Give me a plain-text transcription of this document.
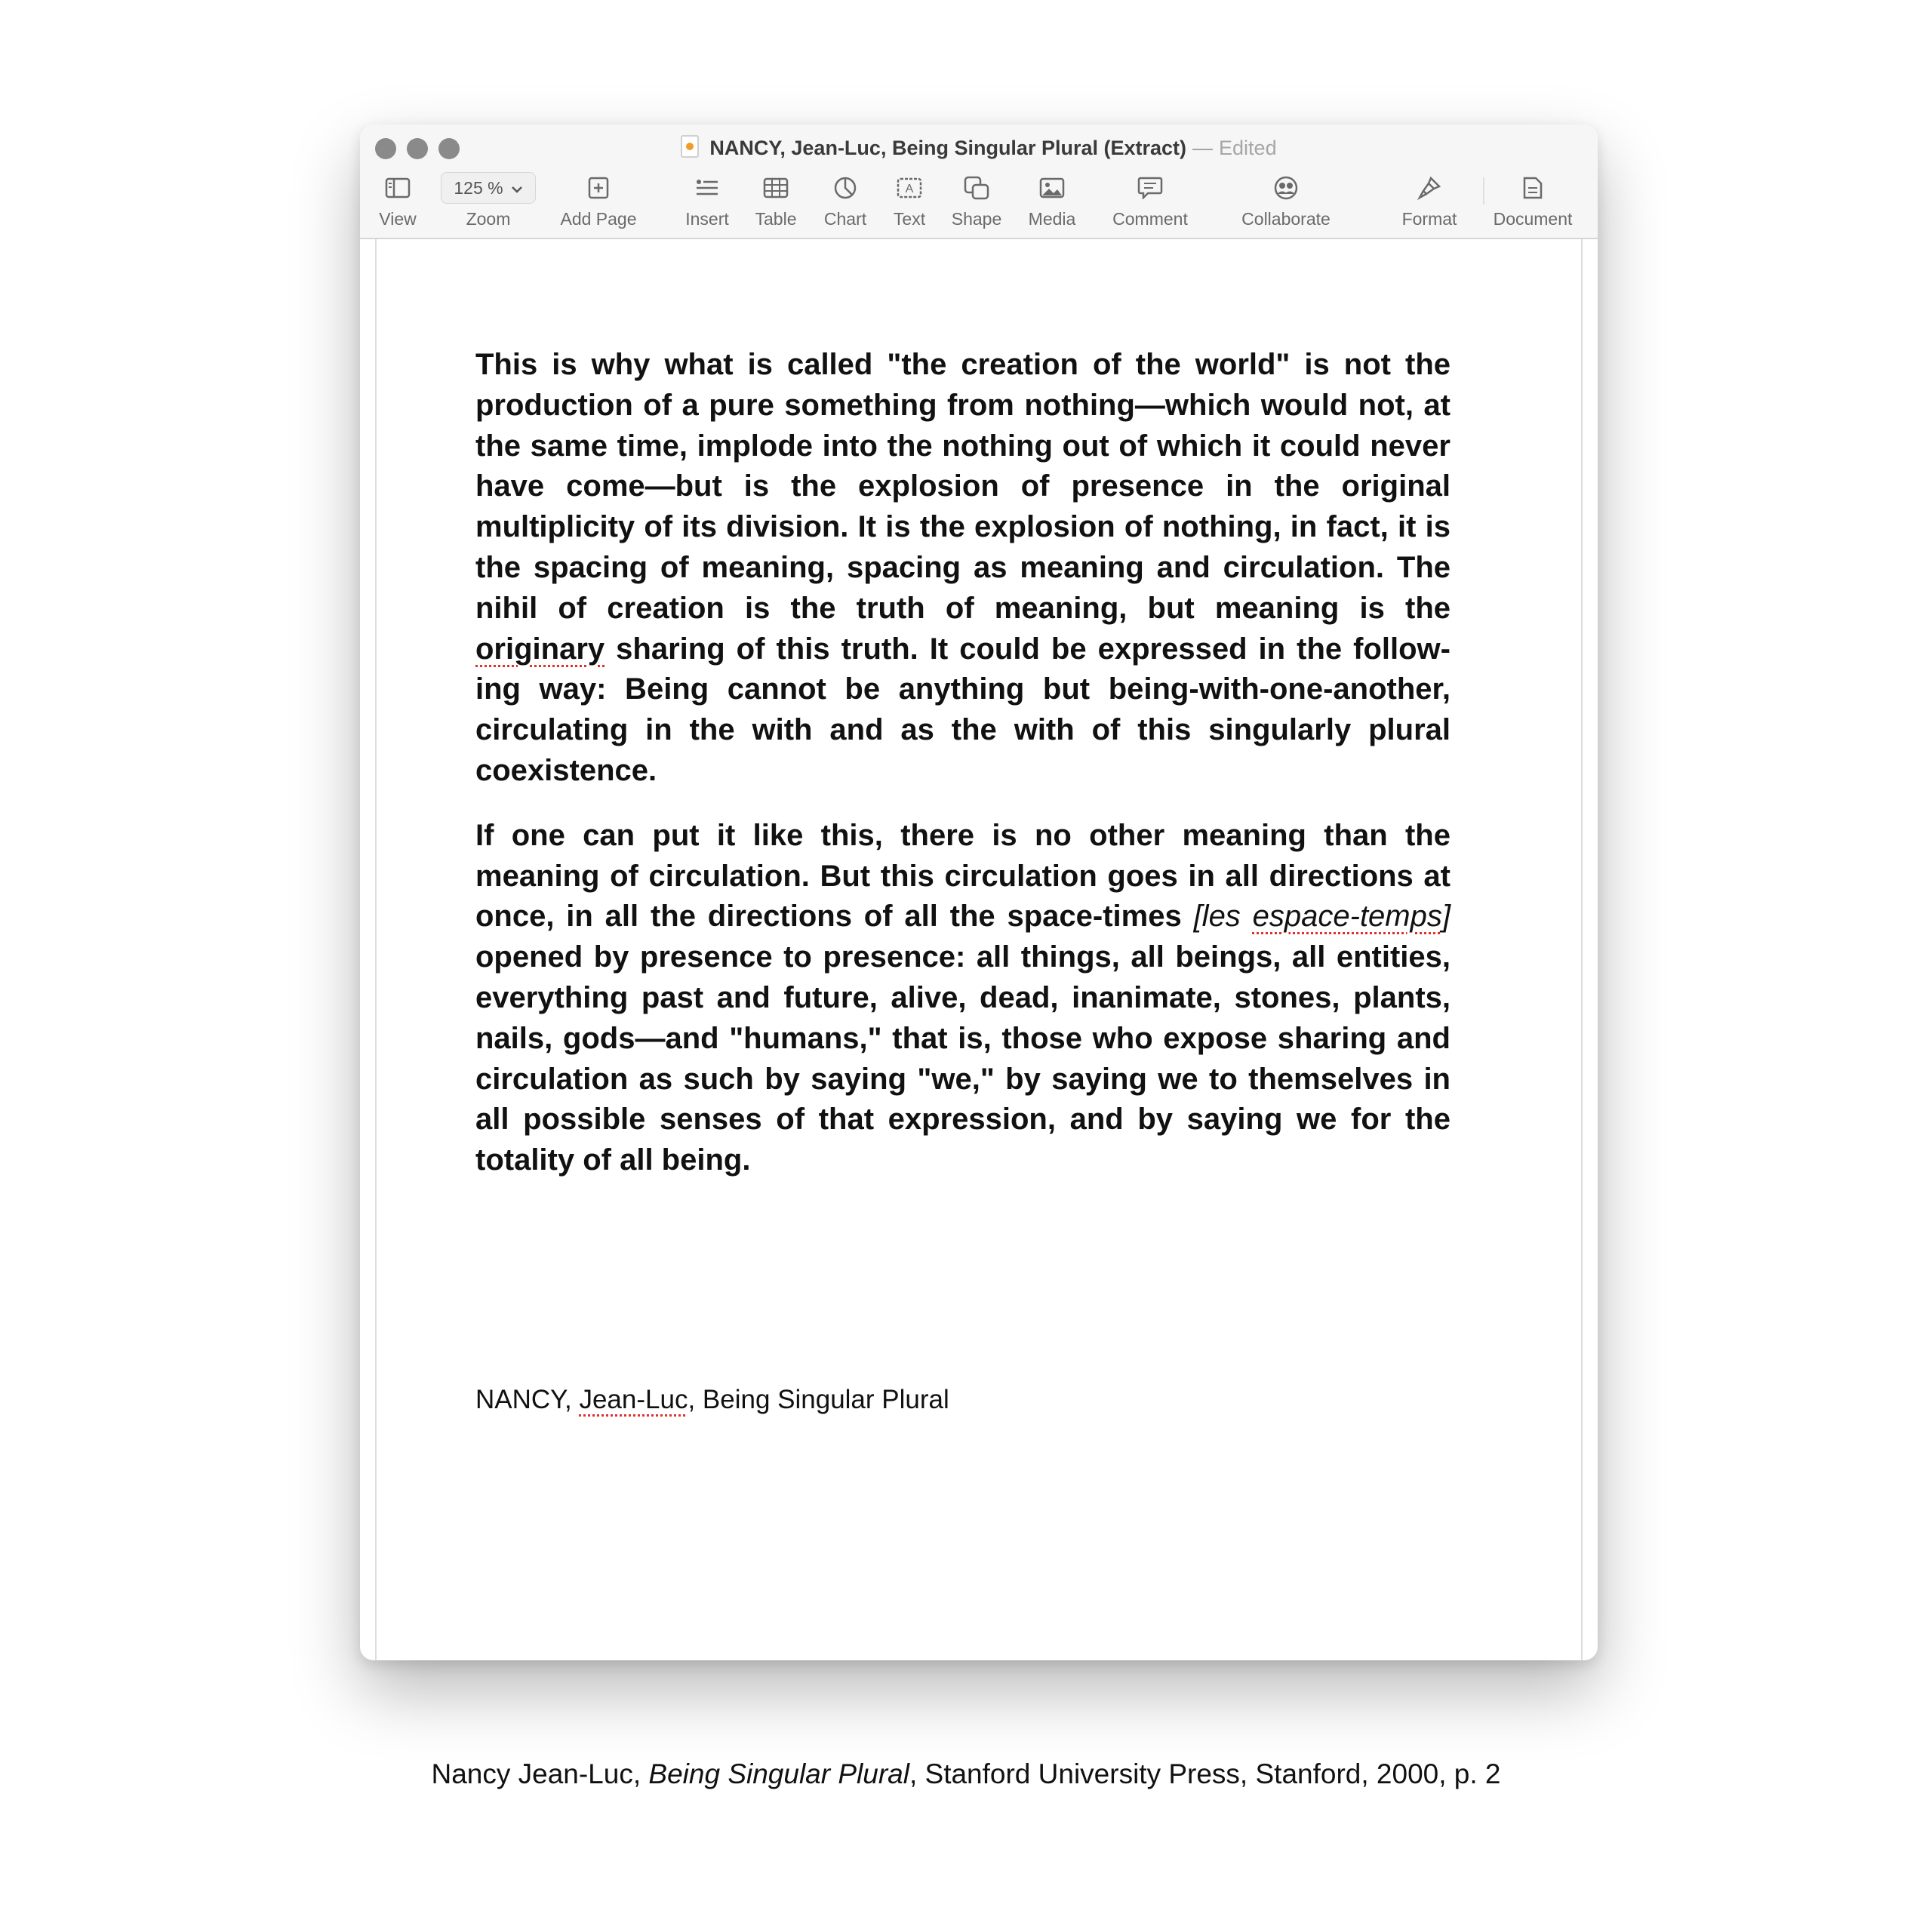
NANCY, Jean-Luc, Being Singular Plural (Extract) — Edited
View
125 %
Zoom	Add Page	Insert Table Chart
A
Text Shape Media Comment	Collaborate	Format Document

This is why what is called "the creation of the world" is not the production of a pure something from nothing—which would not, at the same time, implode into the nothing out of which it could never have come—but is the explosion of presence in the original multiplicity of its division. It is the explosion of nothing, in fact, it is the spacing of meaning, spacing as meaning and circulation. The nihil of creation is the truth of meaning, but meaning is the originary sharing of this truth. It could be expressed in the follow- ing way: Being cannot be anything but being-with-one-another, circulating in the with and as the with of this singularly plural coexistence.

If one can put it like this, there is no other meaning than the meaning of circulation. But this circulation goes in all directions at once, in all the directions of all the space-times [les espace-temps] opened by presence to presence: all things, all beings, all entities, everything past and future, alive, dead, inanimate, stones, plants, nails, gods—and "humans," that is, those who expose sharing and circulation as such by saying "we," by saying we to themselves in all possible senses of that expression, and by saying we for the totality of all being.

NANCY, Jean-Luc, Being Singular Plural
Nancy Jean-Luc, Being Singular Plural, Stanford University Press, Stanford, 2000, p. 2
